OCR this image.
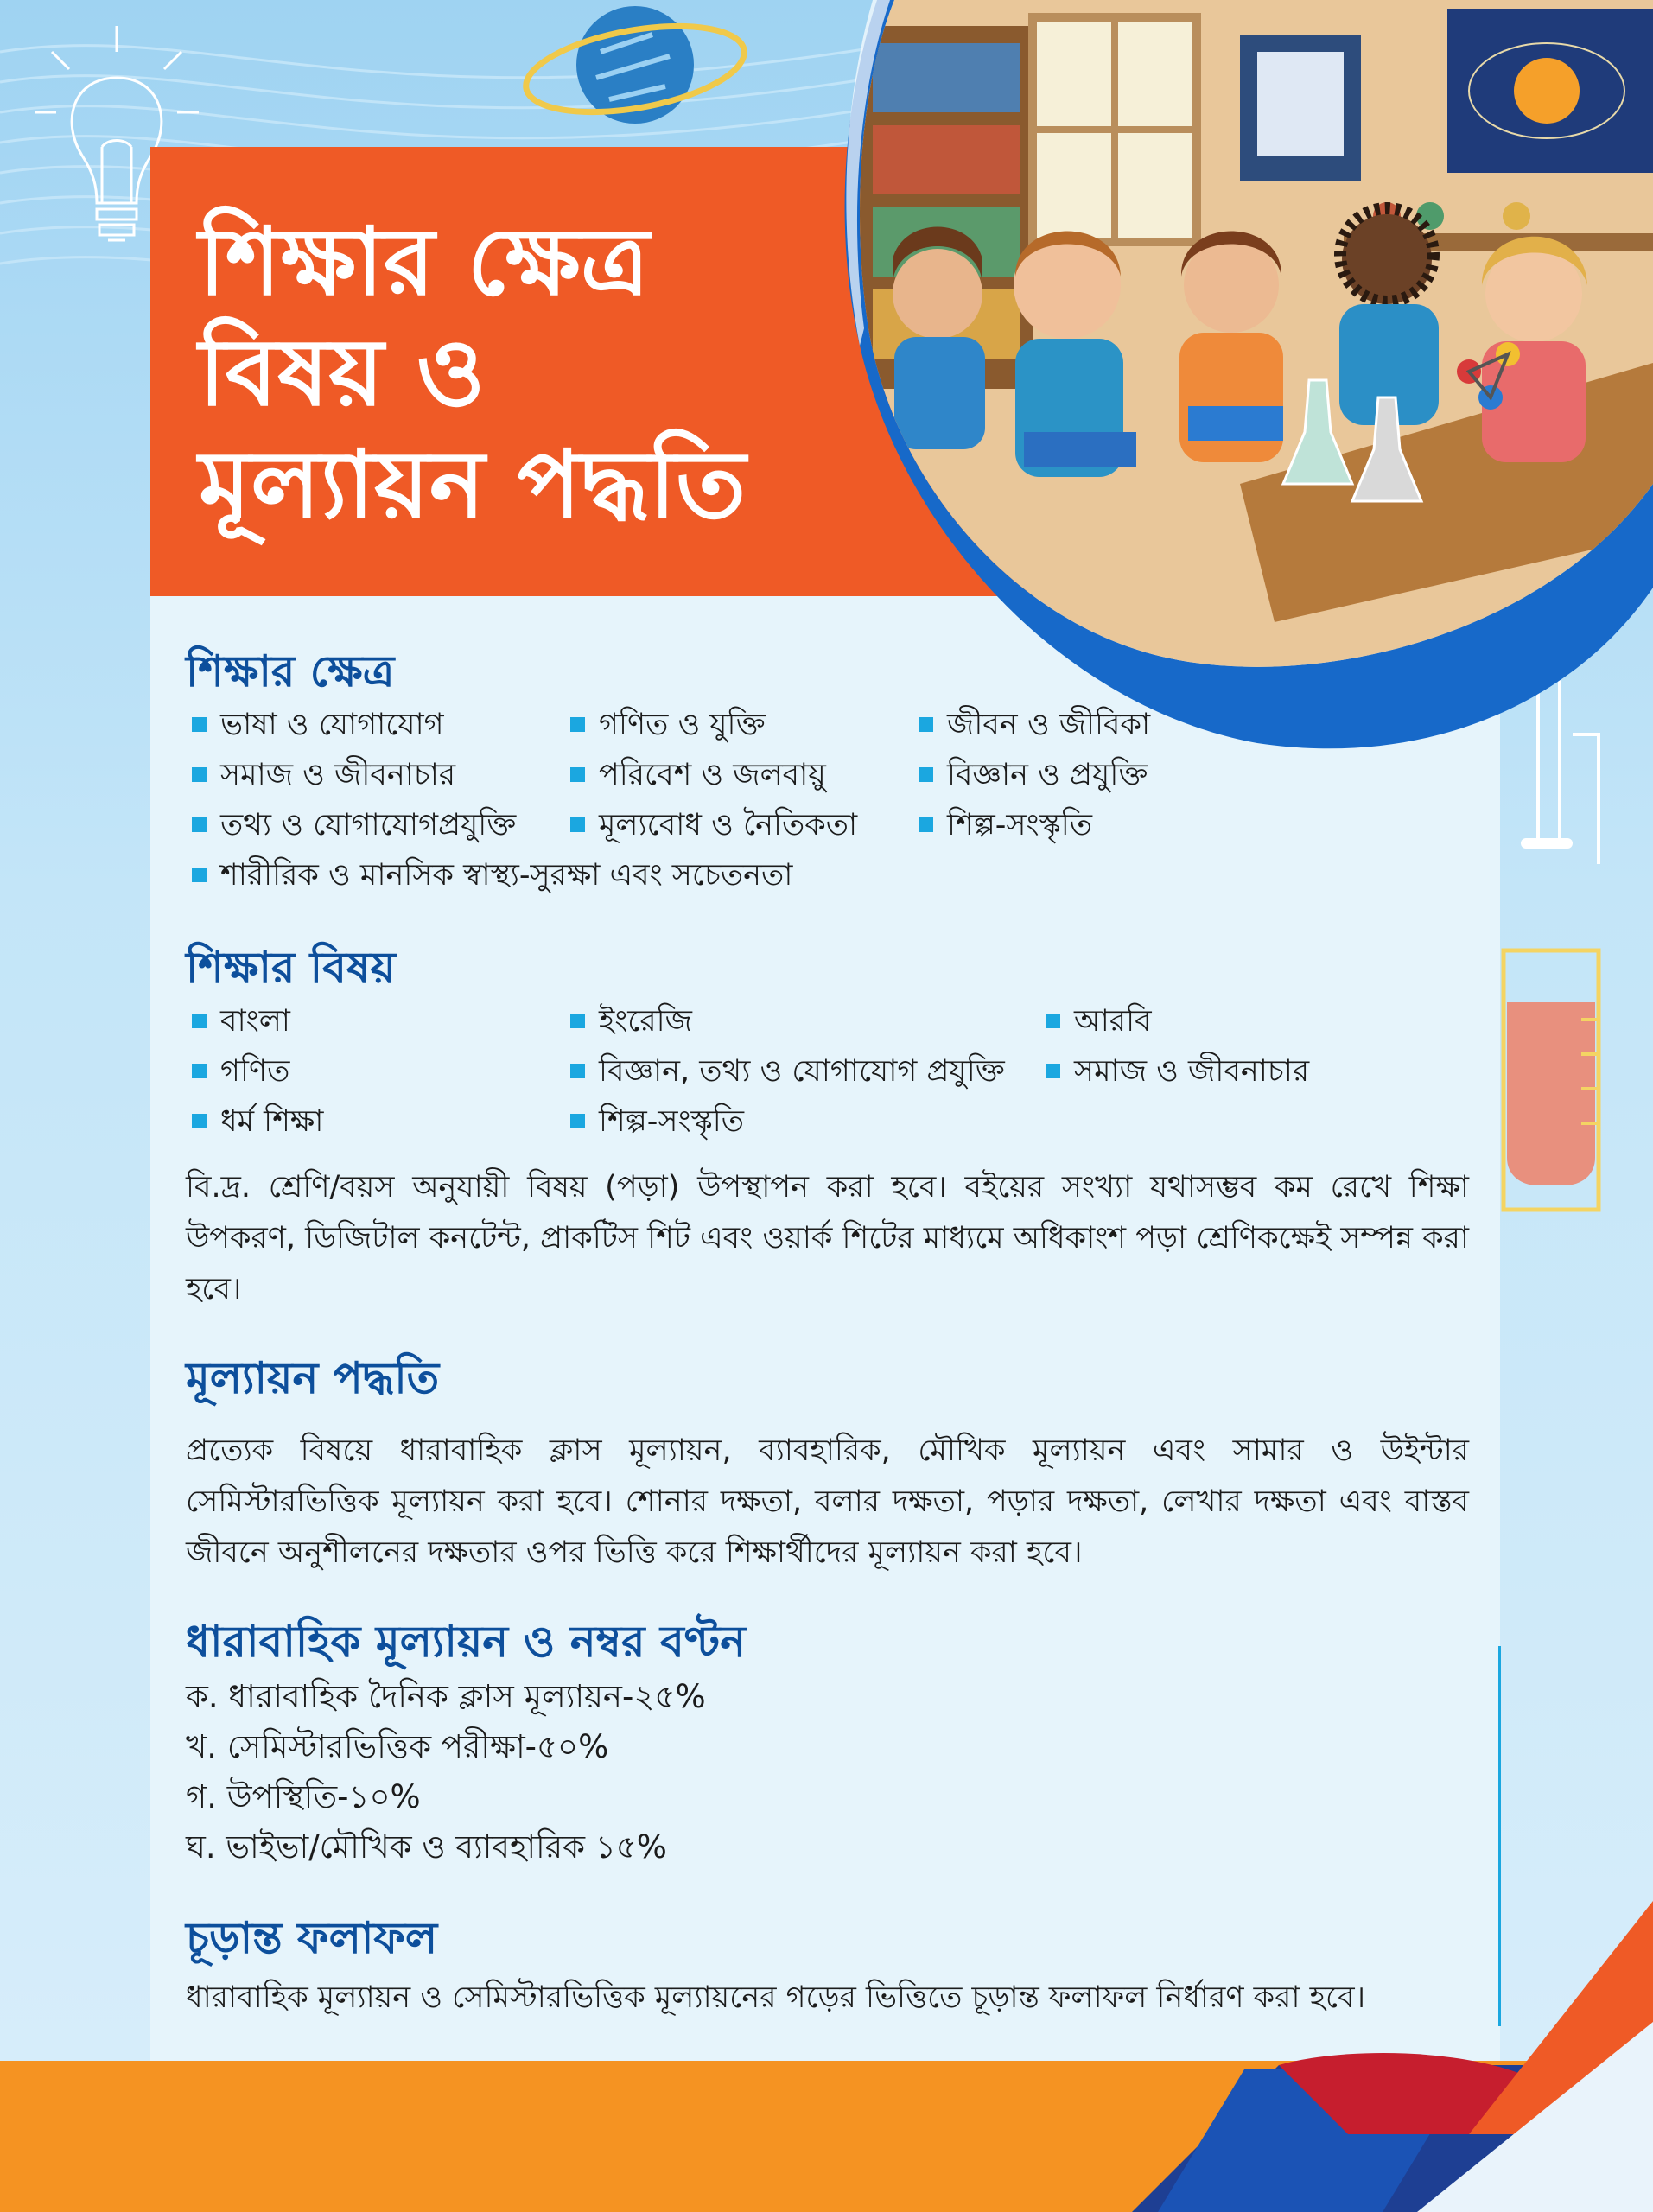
শিক্ষার ক্ষেত্র
বিষয় ও
মূল্যায়ন পদ্ধতি
শিক্ষার ক্ষেত্র
ভাষা ও যোগাযোগ	গণিত ও যুক্তি	জীবন ও জীবিকা
সমাজ ও জীবনাচার	পরিবেশ ও জলবায়ু	বিজ্ঞান ও প্রযুক্তি
তথ্য ও যোগাযোগপ্রযুক্তি	মূল্যবোধ ও নৈতিকতা	শিল্প-সংস্কৃতি
শারীরিক ও মানসিক স্বাস্থ্য-সুরক্ষা এবং সচেতনতা
শিক্ষার বিষয়
বাংলা	ইংরেজি	আরবি
গণিত	বিজ্ঞান, তথ্য ও যোগাযোগ প্রযুক্তি	সমাজ ও জীবনাচার
ধর্ম শিক্ষা	শিল্প-সংস্কৃতি

বি.দ্র. শ্রেণি/বয়স অনুযায়ী বিষয় (পড়া) উপস্থাপন করা হবে। বইয়ের সংখ্যা যথাসম্ভব কম রেখে শিক্ষা উপকরণ, ডিজিটাল কনটেন্ট, প্রাকটিস শিট এবং ওয়ার্ক শিটের মাধ্যমে অধিকাংশ পড়া শ্রেণিকক্ষেই সম্পন্ন করা হবে।

মূল্যায়ন পদ্ধতি

প্রত্যেক বিষয়ে ধারাবাহিক ক্লাস মূল্যায়ন, ব্যাবহারিক, মৌখিক মূল্যায়ন এবং সামার ও উইন্টার সেমিস্টারভিত্তিক মূল্যায়ন করা হবে। শোনার দক্ষতা, বলার দক্ষতা, পড়ার দক্ষতা, লেখার দক্ষতা এবং বাস্তব জীবনে অনুশীলনের দক্ষতার ওপর ভিত্তি করে শিক্ষার্থীদের মূল্যায়ন করা হবে।

ধারাবাহিক মূল্যায়ন ও নম্বর বণ্টন
ক. ধারাবাহিক দৈনিক ক্লাস মূল্যায়ন-২৫%
খ. সেমিস্টারভিত্তিক পরীক্ষা-৫০%
গ. উপস্থিতি-১০%
ঘ. ভাইভা/মৌখিক ও ব্যাবহারিক ১৫%
চূড়ান্ত ফলাফল
ধারাবাহিক মূল্যায়ন ও সেমিস্টারভিত্তিক মূল্যায়নের গড়ের ভিত্তিতে চূড়ান্ত ফলাফল নির্ধারণ করা হবে।
